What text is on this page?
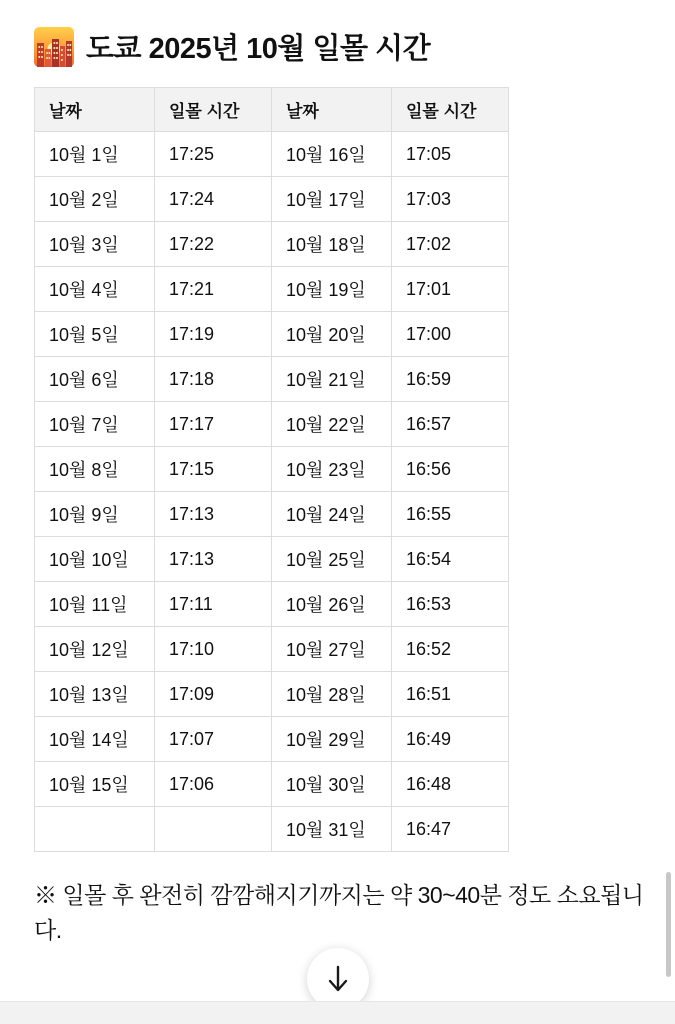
도쿄 2025년 10월 일몰 시간
날짜	일몰 시간	날짜	일몰 시간
10월 1일	17:25	10월 16일	17:05
10월 2일	17:24	10월 17일	17:03
10월 3일	17:22	10월 18일	17:02
10월 4일	17:21	10월 19일	17:01
10월 5일	17:19	10월 20일	17:00
10월 6일	17:18	10월 21일	16:59
10월 7일	17:17	10월 22일	16:57
10월 8일	17:15	10월 23일	16:56
10월 9일	17:13	10월 24일	16:55
10월 10일	17:13	10월 25일	16:54
10월 11일	17:11	10월 26일	16:53
10월 12일	17:10	10월 27일	16:52
10월 13일	17:09	10월 28일	16:51
10월 14일	17:07	10월 29일	16:49
10월 15일	17:06	10월 30일	16:48
		10월 31일	16:47
※ 일몰 후 완전히 깜깜해지기까지는 약 30~40분 정도 소요됩니다.
